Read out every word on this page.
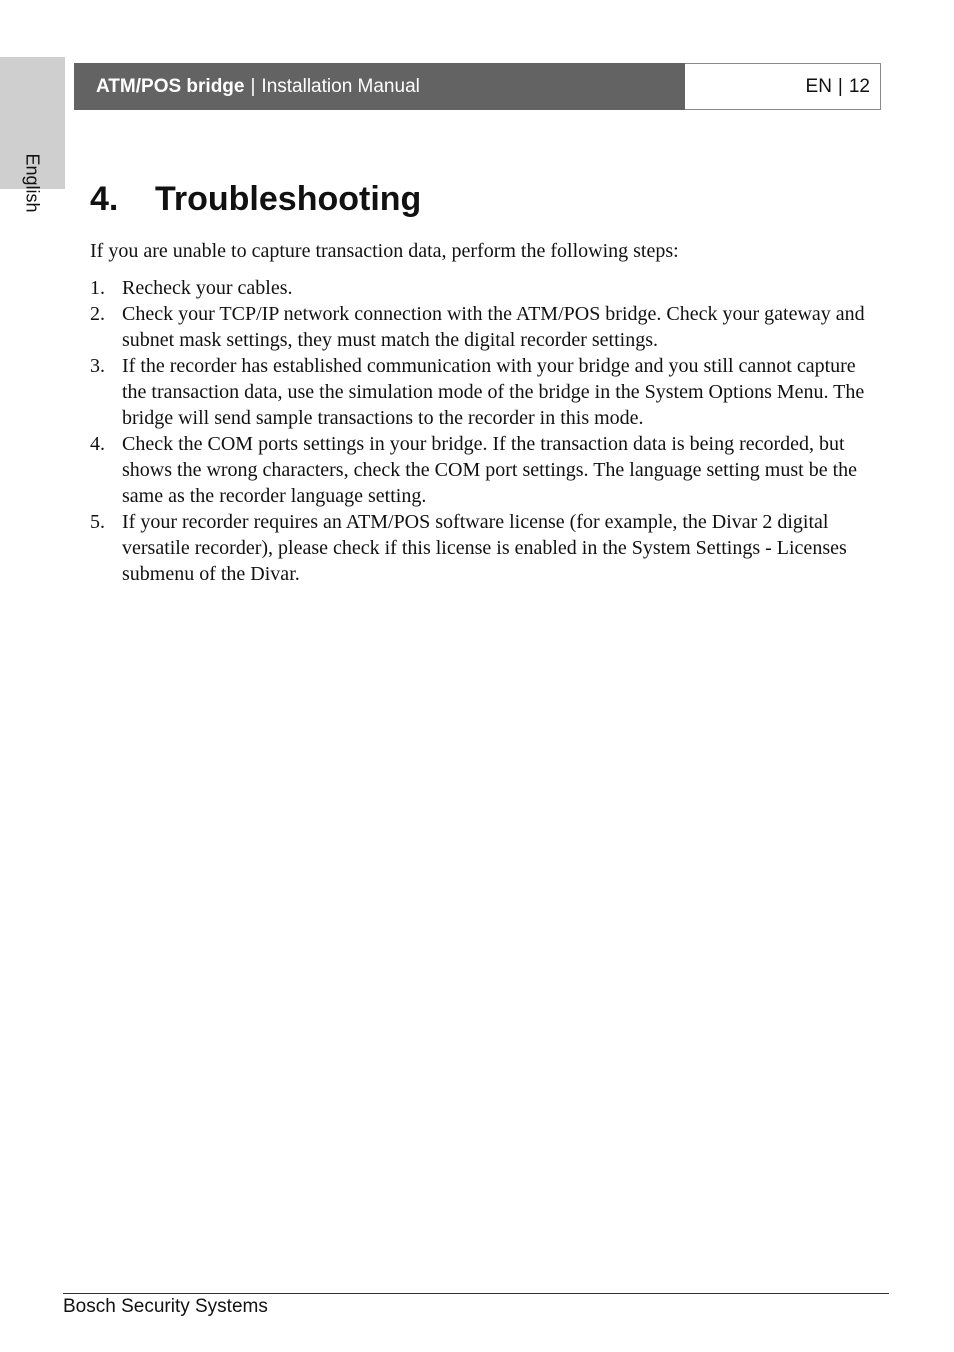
English
ATM/POS bridge | Installation Manual	EN | 12
4. Troubleshooting

If you are unable to capture transaction data, perform the following steps:

1. Recheck your cables.
2. Check your TCP/IP network connection with the ATM/POS bridge. Check your gateway and subnet mask settings, they must match the digital recorder settings.
3. If the recorder has established communication with your bridge and you still cannot capture the transaction data, use the simulation mode of the bridge in the System Options Menu. The bridge will send sample transactions to the recorder in this mode.
4. Check the COM ports settings in your bridge. If the transaction data is being recorded, but shows the wrong characters, check the COM port settings. The language setting must be the same as the recorder language setting.
5. If your recorder requires an ATM/POS software license (for example, the Divar 2 digital versatile recorder), please check if this license is enabled in the System Settings - Licenses submenu of the Divar.
Bosch Security Systems
